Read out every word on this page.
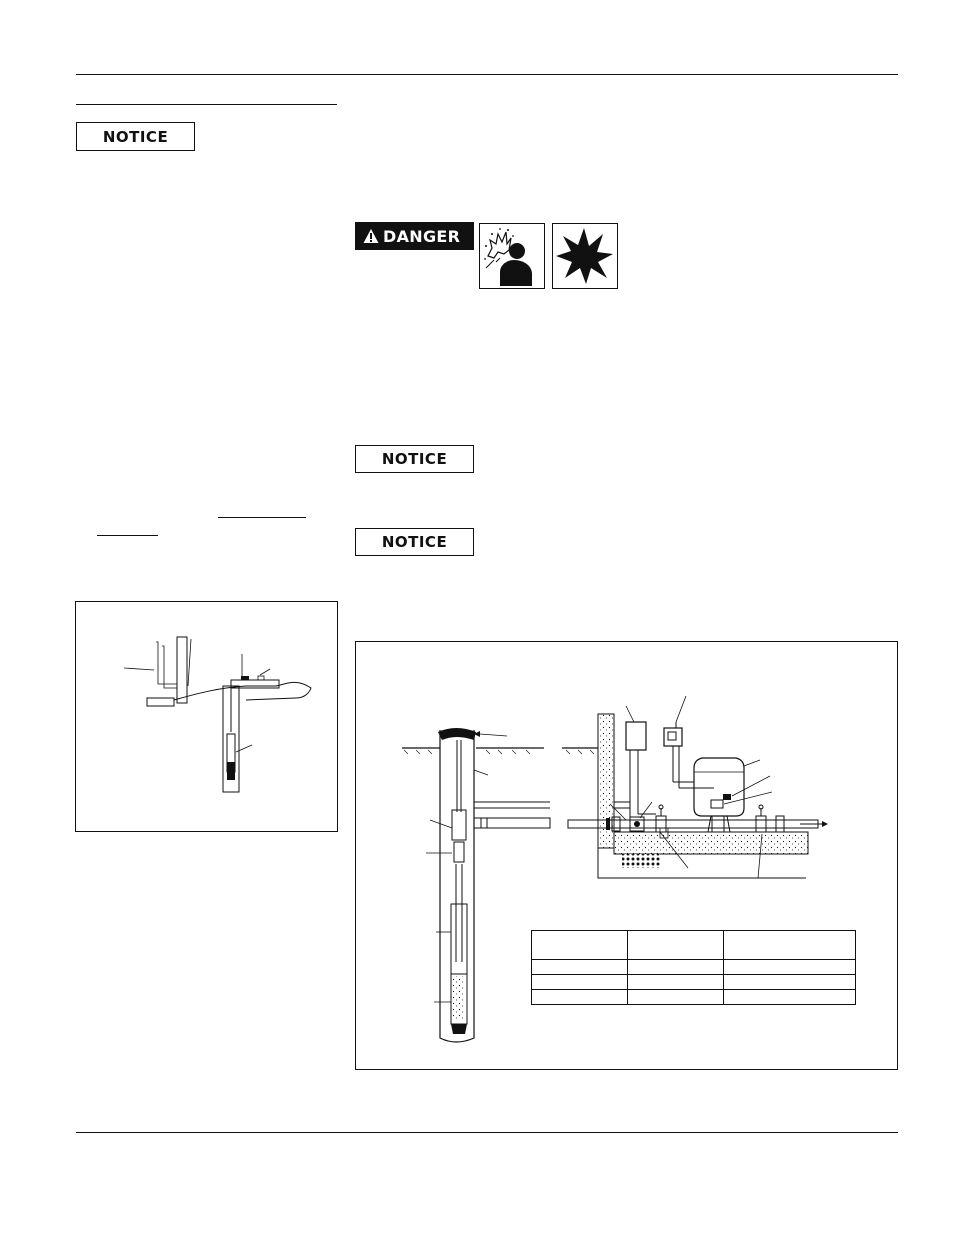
NOTICE
DANGER
NOTICE
NOTICE
